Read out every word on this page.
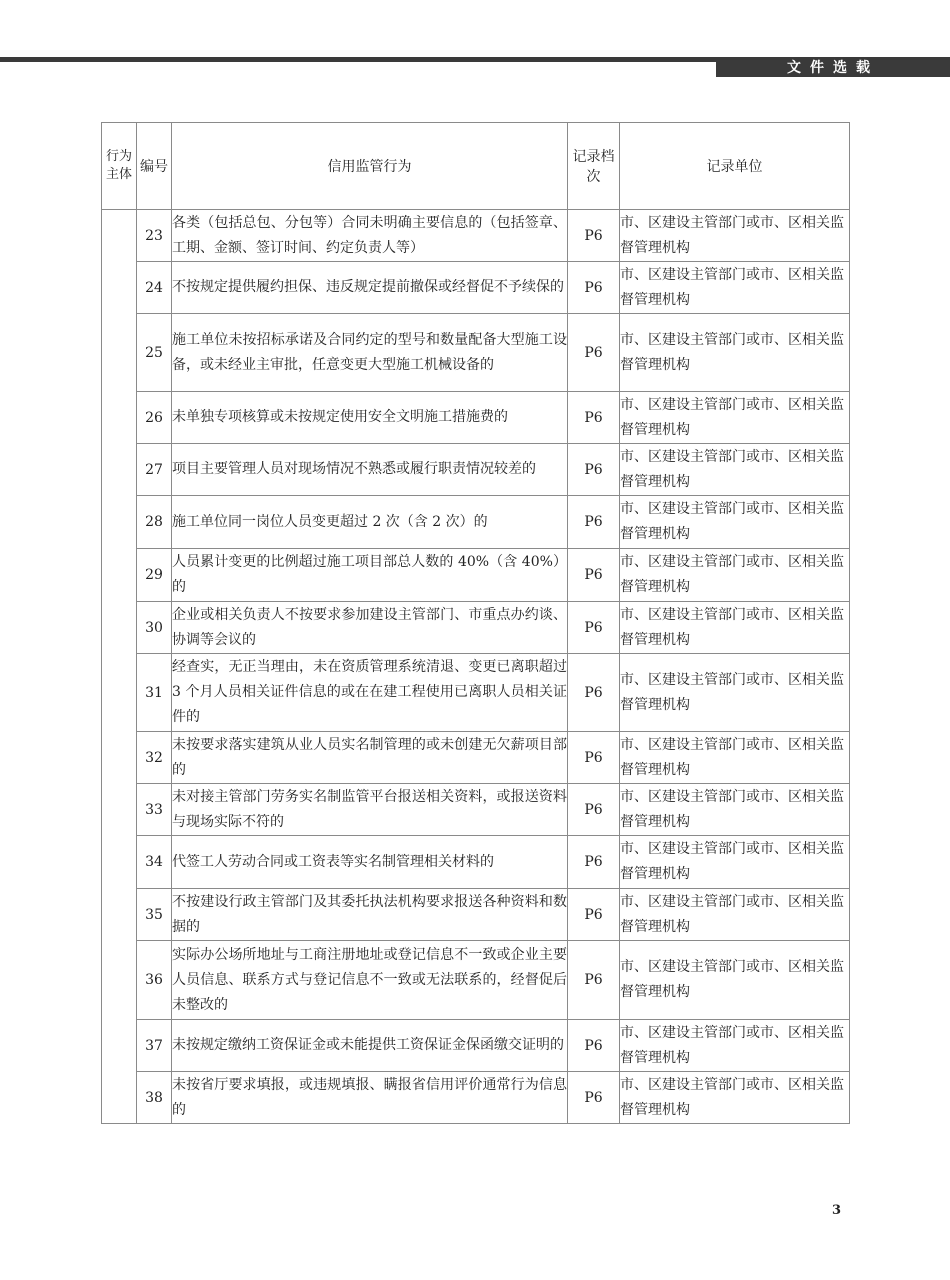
文件选载
行为主体	编号	信用监管行为	记录档次	记录单位
	23	各类（包括总包、分包等）合同未明确主要信息的（包括签章、工期、金额、签订时间、约定负责人等）	P6	市、区建设主管部门或市、区相关监督管理机构
	24	不按规定提供履约担保、违反规定提前撤保或经督促不予续保的	P6	市、区建设主管部门或市、区相关监督管理机构
	25	施工单位未按招标承诺及合同约定的型号和数量配备大型施工设备，或未经业主审批，任意变更大型施工机械设备的	P6	市、区建设主管部门或市、区相关监督管理机构
	26	未单独专项核算或未按规定使用安全文明施工措施费的	P6	市、区建设主管部门或市、区相关监督管理机构
	27	项目主要管理人员对现场情况不熟悉或履行职责情况较差的	P6	市、区建设主管部门或市、区相关监督管理机构
	28	施工单位同一岗位人员变更超过 2 次（含 2 次）的	P6	市、区建设主管部门或市、区相关监督管理机构
	29	人员累计变更的比例超过施工项目部总人数的 40%（含 40%）的	P6	市、区建设主管部门或市、区相关监督管理机构
	30	企业或相关负责人不按要求参加建设主管部门、市重点办约谈、协调等会议的	P6	市、区建设主管部门或市、区相关监督管理机构
	31	经查实，无正当理由，未在资质管理系统清退、变更已离职超过 3 个月人员相关证件信息的或在在建工程使用已离职人员相关证件的	P6	市、区建设主管部门或市、区相关监督管理机构
	32	未按要求落实建筑从业人员实名制管理的或未创建无欠薪项目部的	P6	市、区建设主管部门或市、区相关监督管理机构
	33	未对接主管部门劳务实名制监管平台报送相关资料，或报送资料与现场实际不符的	P6	市、区建设主管部门或市、区相关监督管理机构
	34	代签工人劳动合同或工资表等实名制管理相关材料的	P6	市、区建设主管部门或市、区相关监督管理机构
	35	不按建设行政主管部门及其委托执法机构要求报送各种资料和数据的	P6	市、区建设主管部门或市、区相关监督管理机构
	36	实际办公场所地址与工商注册地址或登记信息不一致或企业主要人员信息、联系方式与登记信息不一致或无法联系的，经督促后未整改的	P6	市、区建设主管部门或市、区相关监督管理机构
	37	未按规定缴纳工资保证金或未能提供工资保证金保函缴交证明的	P6	市、区建设主管部门或市、区相关监督管理机构
	38	未按省厅要求填报，或违规填报、瞒报省信用评价通常行为信息的	P6	市、区建设主管部门或市、区相关监督管理机构
3
